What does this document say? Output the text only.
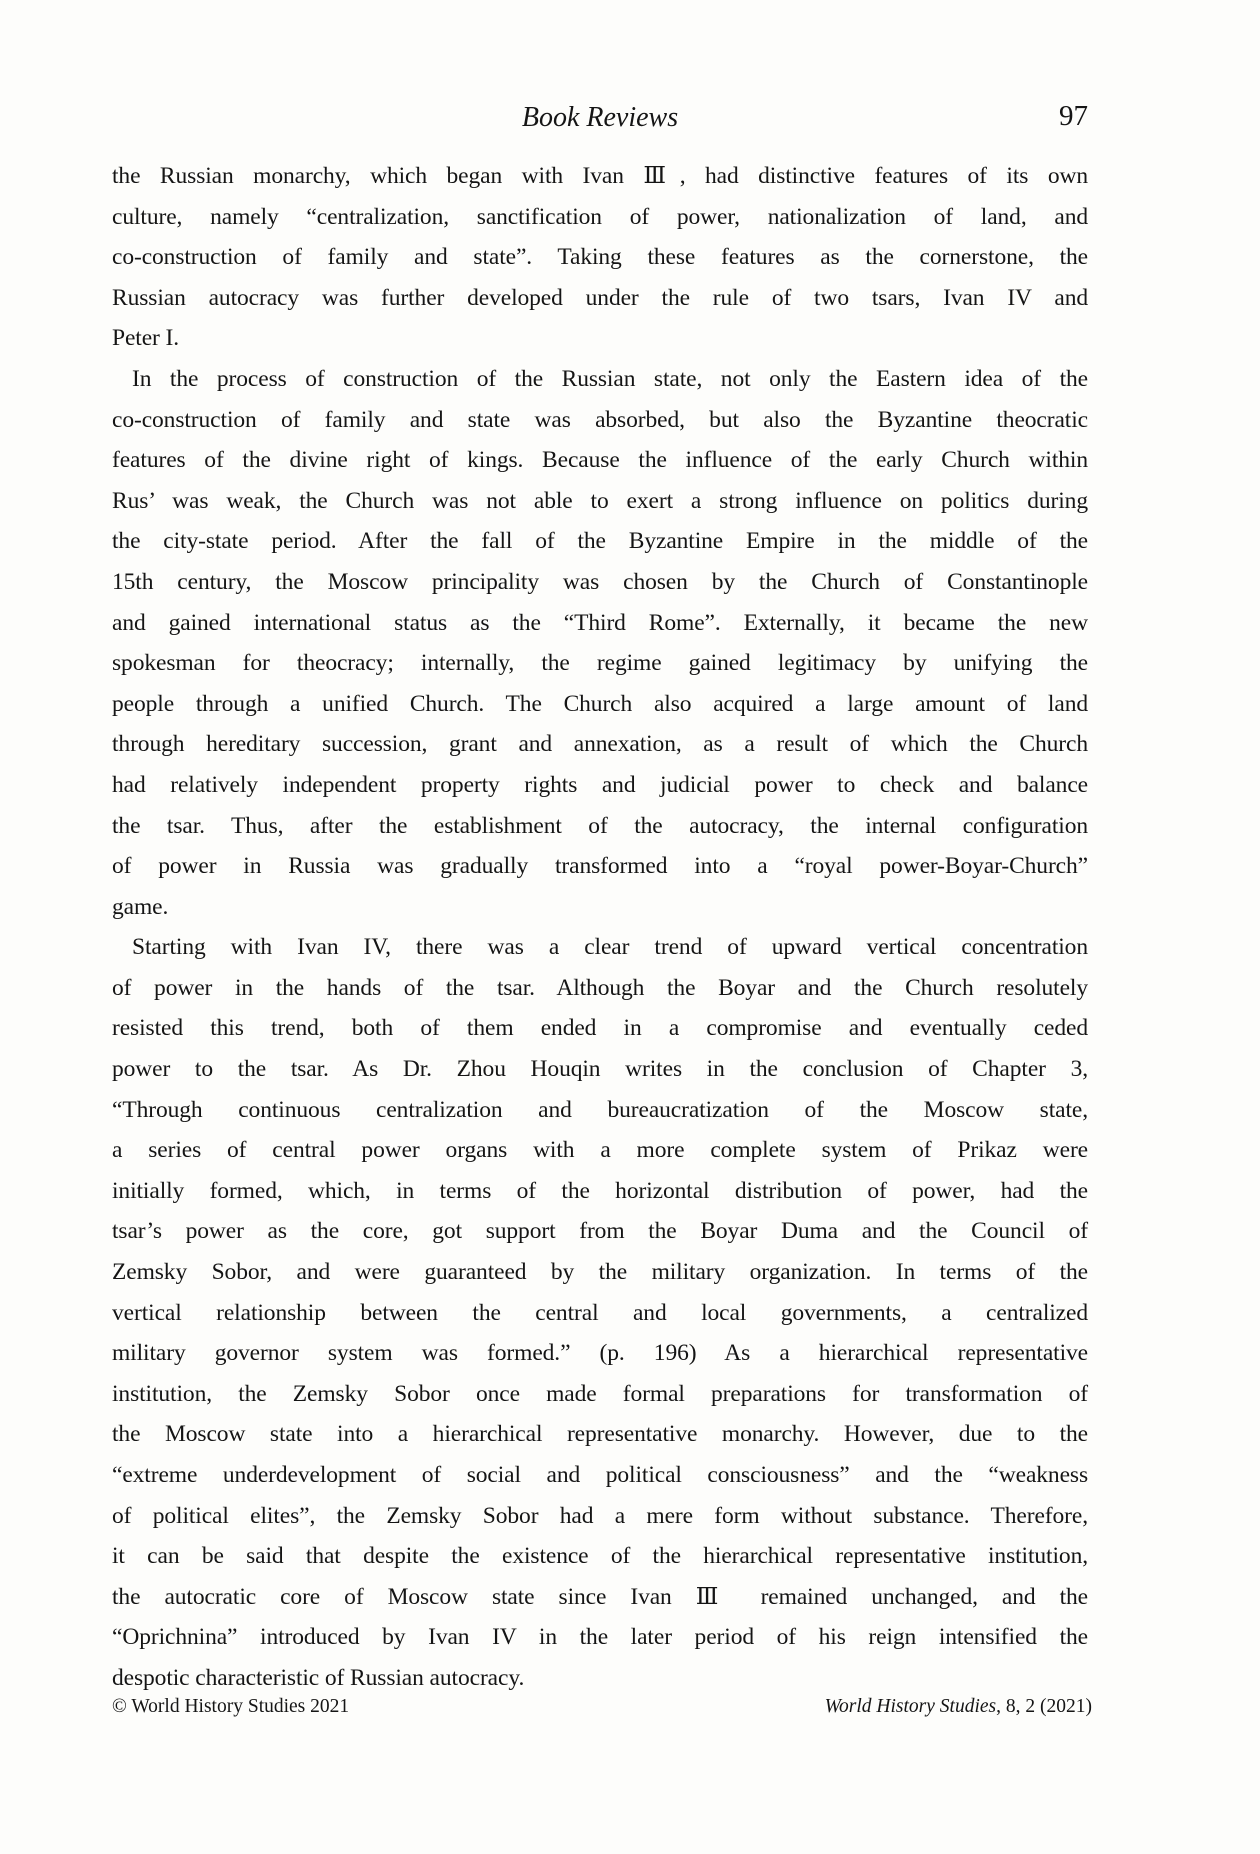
Book Reviews	97
the Russian monarchy, which began with Ivan Ⅲ, had distinctive features of its own
culture, namely “centralization, sanctification of power, nationalization of land, and
co-construction of family and state”. Taking these features as the cornerstone, the
Russian autocracy was further developed under the rule of two tsars, Ivan IV and
Peter I.
In the process of construction of the Russian state, not only the Eastern idea of the
co-construction of family and state was absorbed, but also the Byzantine theocratic
features of the divine right of kings. Because the influence of the early Church within
Rus’ was weak, the Church was not able to exert a strong influence on politics during
the city-state period. After the fall of the Byzantine Empire in the middle of the
15th century, the Moscow principality was chosen by the Church of Constantinople
and gained international status as the “Third Rome”. Externally, it became the new
spokesman for theocracy; internally, the regime gained legitimacy by unifying the
people through a unified Church. The Church also acquired a large amount of land
through hereditary succession, grant and annexation, as a result of which the Church
had relatively independent property rights and judicial power to check and balance
the tsar. Thus, after the establishment of the autocracy, the internal configuration
of power in Russia was gradually transformed into a “royal power-Boyar-Church”
game.
Starting with Ivan IV, there was a clear trend of upward vertical concentration
of power in the hands of the tsar. Although the Boyar and the Church resolutely
resisted this trend, both of them ended in a compromise and eventually ceded
power to the tsar. As Dr. Zhou Houqin writes in the conclusion of Chapter 3,
“Through continuous centralization and bureaucratization of the Moscow state,
a series of central power organs with a more complete system of Prikaz were
initially formed, which, in terms of the horizontal distribution of power, had the
tsar’s power as the core, got support from the Boyar Duma and the Council of
Zemsky Sobor, and were guaranteed by the military organization. In terms of the
vertical relationship between the central and local governments, a centralized
military governor system was formed.” (p. 196) As a hierarchical representative
institution, the Zemsky Sobor once made formal preparations for transformation of
the Moscow state into a hierarchical representative monarchy. However, due to the
“extreme underdevelopment of social and political consciousness” and the “weakness
of political elites”, the Zemsky Sobor had a mere form without substance. Therefore,
it can be said that despite the existence of the hierarchical representative institution,
the autocratic core of Moscow state since Ivan Ⅲ remained unchanged, and the
“Oprichnina” introduced by Ivan IV in the later period of his reign intensified the
despotic characteristic of Russian autocracy.
© World History Studies 2021	World History Studies, 8, 2 (2021)
